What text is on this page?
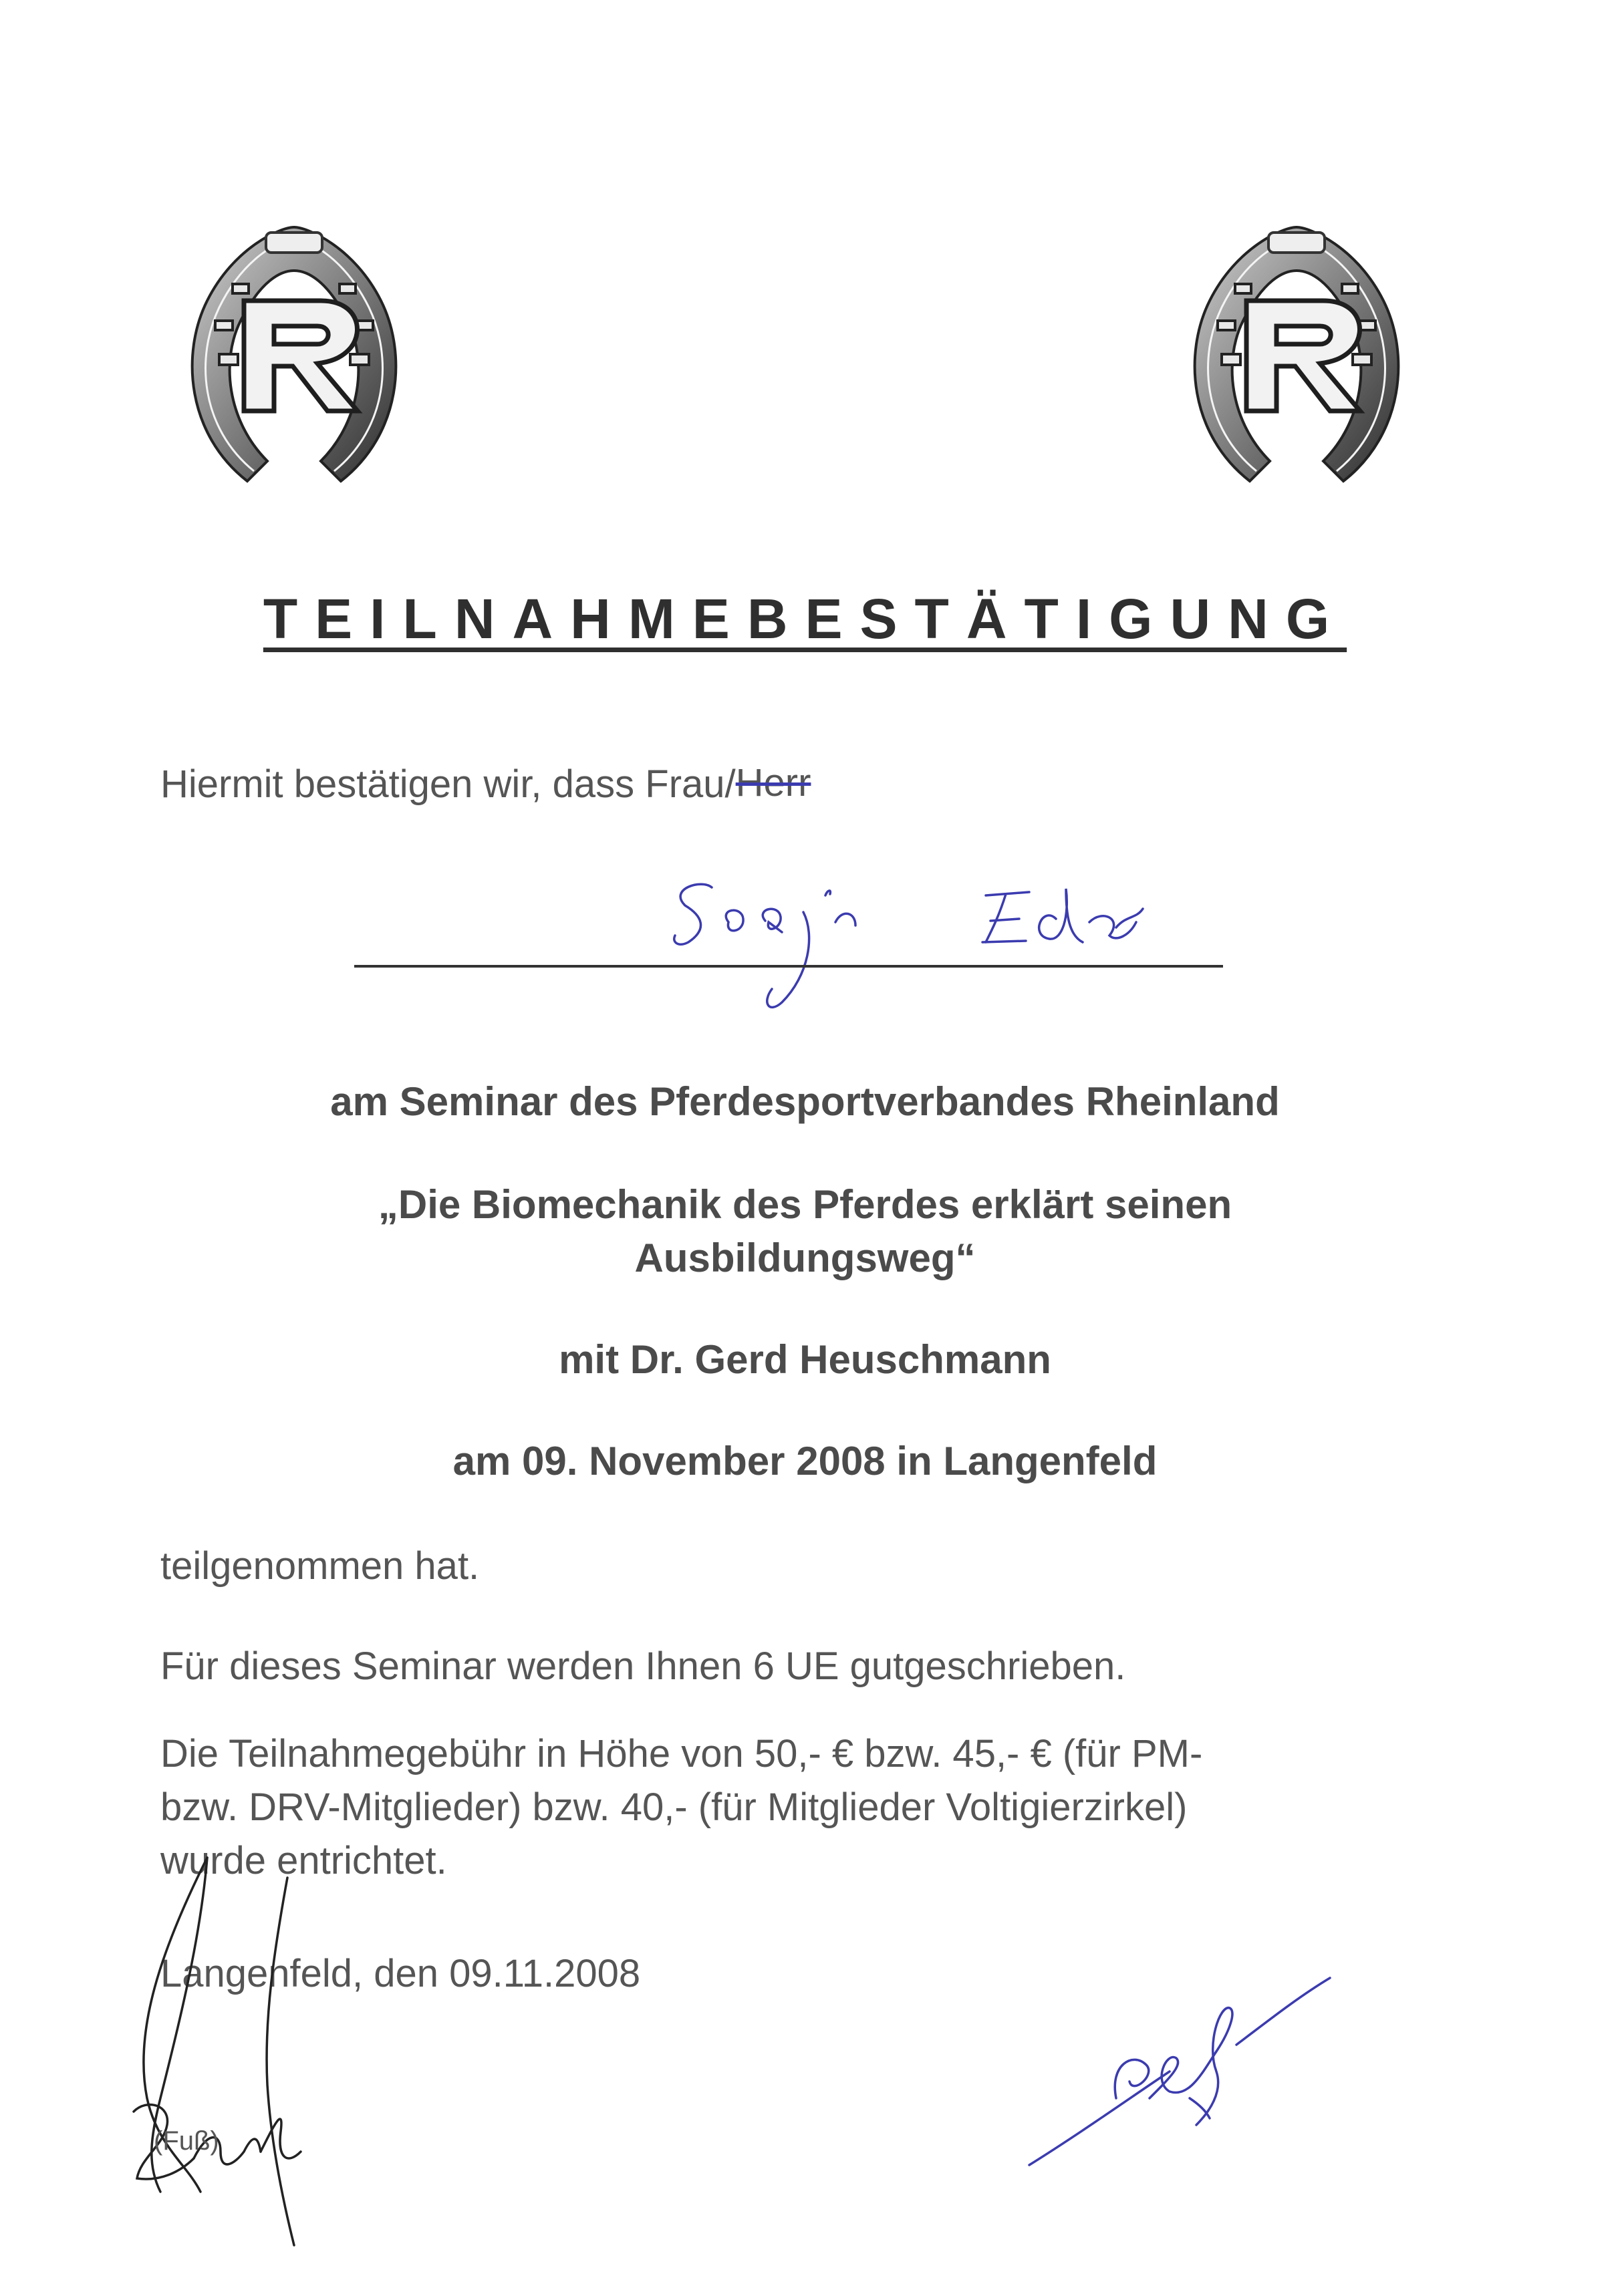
TEILNAHMEBESTÄTIGUNG
Hiermit bestätigen wir, dass Frau/ Herr
am Seminar des Pferdesportverbandes Rheinland
„Die Biomechanik des Pferdes erklärt seinen
Ausbildungsweg“
mit Dr. Gerd Heuschmann
am 09. November 2008 in Langenfeld
teilgenommen hat.
Für dieses Seminar werden Ihnen 6 UE gutgeschrieben.
Die Teilnahmegebühr in Höhe von 50,- € bzw. 45,- € (für PM-
bzw. DRV-Mitglieder) bzw. 40,- (für Mitglieder Voltigierzirkel)
wurde entrichtet.
Langenfeld, den 09.11.2008
(Fuß)
